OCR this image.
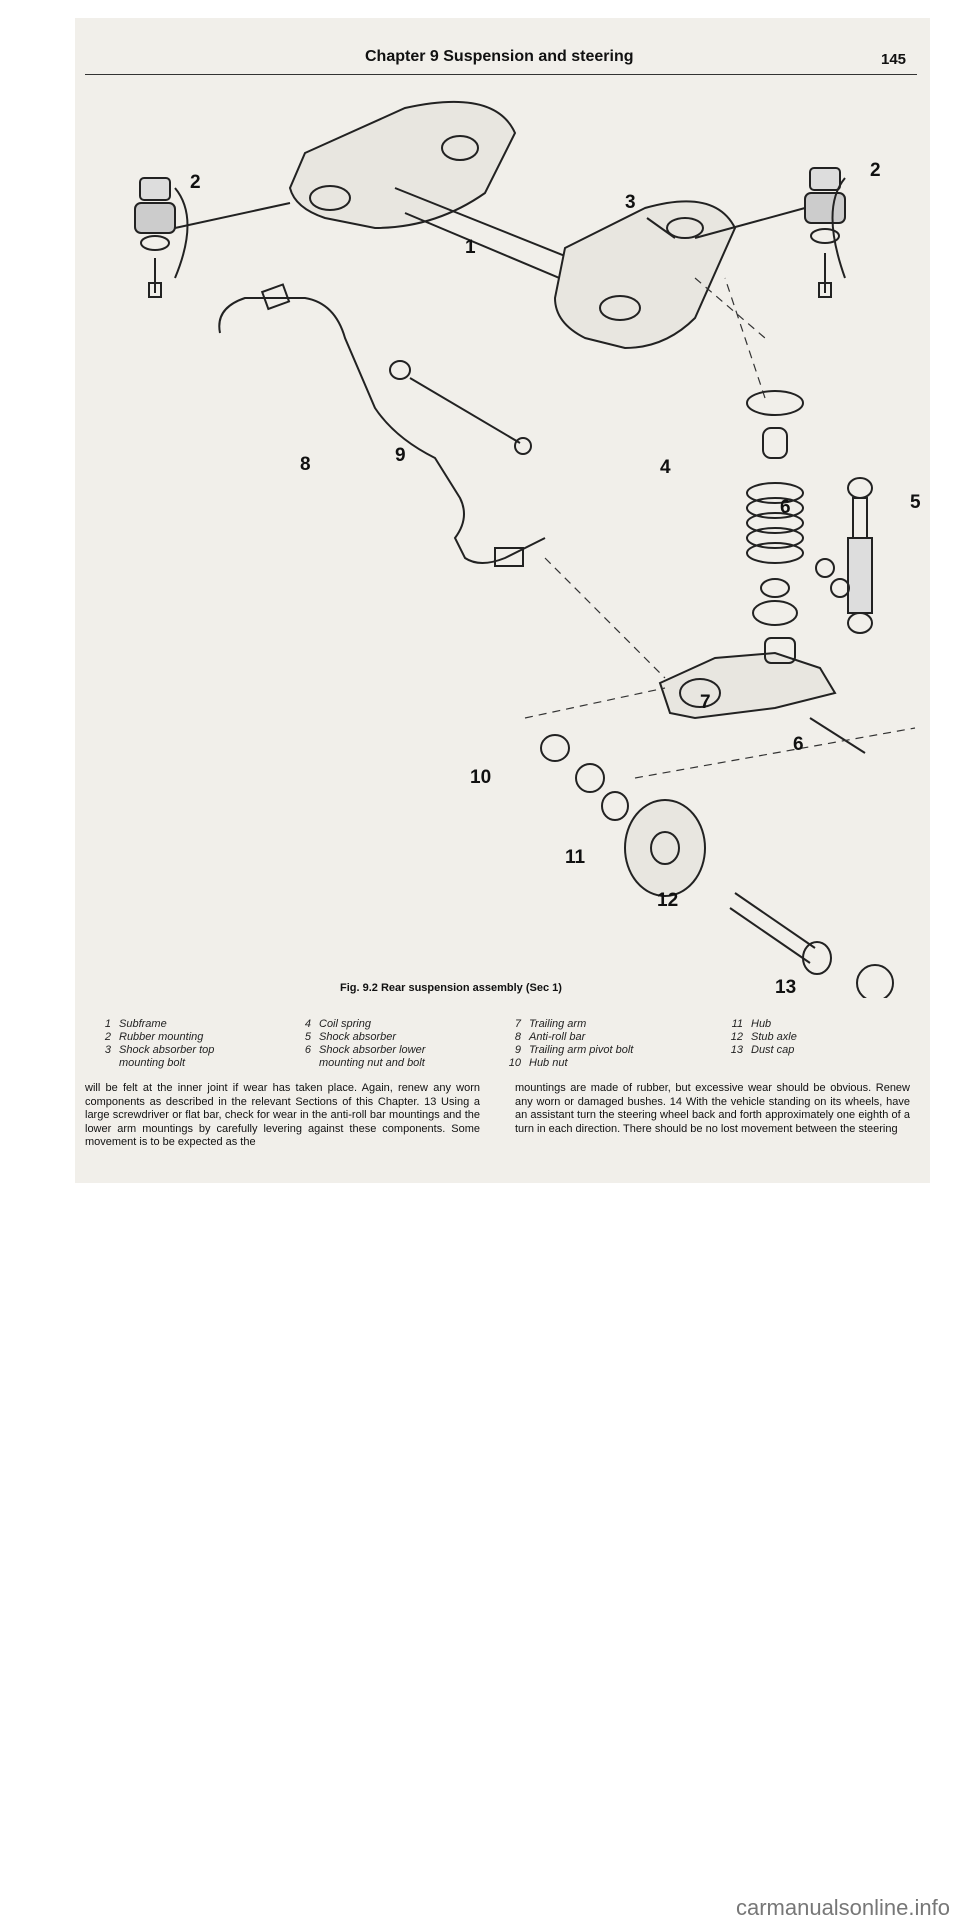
Chapter 9 Suspension and steering	145
1
2
2
3
4
5
6
6
7
8	9
10
11
12
13
Fig. 9.2 Rear suspension assembly (Sec 1)
1 Subframe
2 Rubber mounting
3 Shock absorber top
mounting bolt
4 Coil spring
5 Shock absorber
6 Shock absorber lower
mounting nut and bolt
7 Trailing arm
8 Anti-roll bar
9 Trailing arm pivot bolt
10 Hub nut
11 Hub
12 Stub axle
13 Dust cap

will be felt at the inner joint if wear has taken place. Again, renew any worn components as described in the relevant Sections of this Chapter. 13 Using a large screwdriver or flat bar, check for wear in the anti-roll bar mountings and the lower arm mountings by carefully levering against these components. Some movement is to be expected as the

mountings are made of rubber, but excessive wear should be obvious. Renew any worn or damaged bushes. 14 With the vehicle standing on its wheels, have an assistant turn the steering wheel back and forth approximately one eighth of a turn in each direction. There should be no lost movement between the steering

carmanualsonline.info
